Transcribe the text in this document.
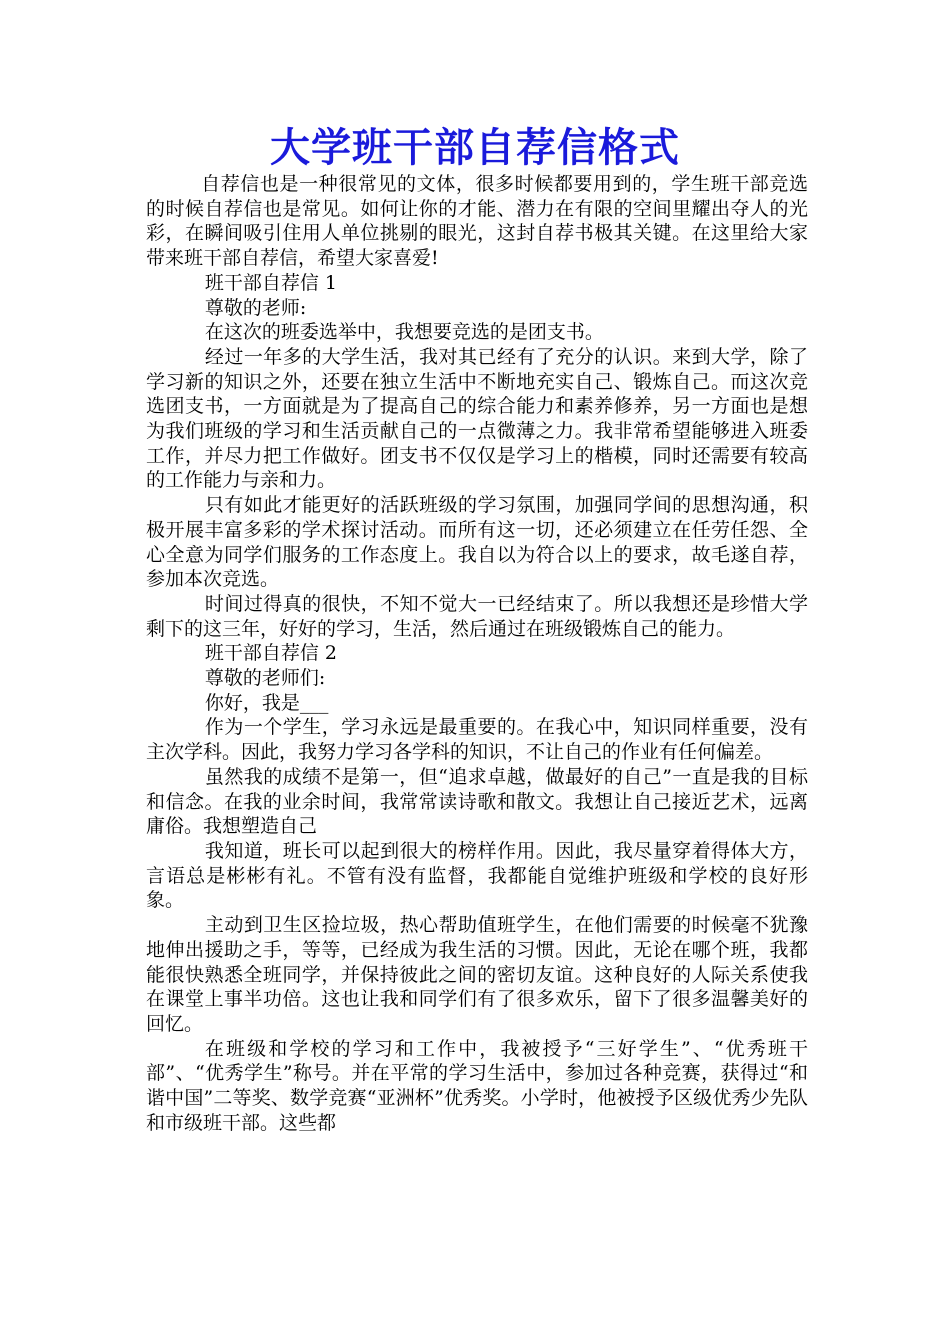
大学班干部自荐信格式

自荐信也是一种很常见的文体，很多时候都要用到的，学生班干部竞选的时候自荐信也是常见。如何让你的才能、潜力在有限的空间里耀出夺人的光彩，在瞬间吸引住用人单位挑剔的眼光，这封自荐书极其关键。在这里给大家带来班干部自荐信，希望大家喜爱!

班干部自荐信 1

尊敬的老师:

在这次的班委选举中，我想要竞选的是团支书。

经过一年多的大学生活，我对其已经有了充分的认识。来到大学，除了学习新的知识之外，还要在独立生活中不断地充实自己、锻炼自己。而这次竞选团支书，一方面就是为了提高自己的综合能力和素养修养，另一方面也是想为我们班级的学习和生活贡献自己的一点微薄之力。我非常希望能够进入班委工作，并尽力把工作做好。团支书不仅仅是学习上的楷模，同时还需要有较高的工作能力与亲和力。

只有如此才能更好的活跃班级的学习氛围，加强同学间的思想沟通，积极开展丰富多彩的学术探讨活动。而所有这一切，还必须建立在任劳任怨、全心全意为同学们服务的工作态度上。我自以为符合以上的要求，故毛遂自荐，参加本次竞选。

时间过得真的很快，不知不觉大一已经结束了。所以我想还是珍惜大学剩下的这三年，好好的学习，生活，然后通过在班级锻炼自己的能力。

班干部自荐信 2

尊敬的老师们:

你好，我是___

作为一个学生，学习永远是最重要的。在我心中，知识同样重要，没有主次学科。因此，我努力学习各学科的知识，不让自己的作业有任何偏差。

虽然我的成绩不是第一，但“追求卓越，做最好的自己”一直是我的目标和信念。在我的业余时间，我常常读诗歌和散文。我想让自己接近艺术，远离庸俗。我想塑造自己

我知道，班长可以起到很大的榜样作用。因此，我尽量穿着得体大方，言语总是彬彬有礼。不管有没有监督，我都能自觉维护班级和学校的良好形象。

主动到卫生区捡垃圾，热心帮助值班学生，在他们需要的时候毫不犹豫地伸出援助之手，等等，已经成为我生活的习惯。因此，无论在哪个班，我都能很快熟悉全班同学，并保持彼此之间的密切友谊。这种良好的人际关系使我在课堂上事半功倍。这也让我和同学们有了很多欢乐，留下了很多温馨美好的回忆。

在班级和学校的学习和工作中，我被授予“三好学生”、“优秀班干部”、“优秀学生”称号。并在平常的学习生活中，参加过各种竞赛，获得过“和谐中国”二等奖、数学竞赛“亚洲杯”优秀奖。小学时，他被授予区级优秀少先队和市级班干部。这些都
